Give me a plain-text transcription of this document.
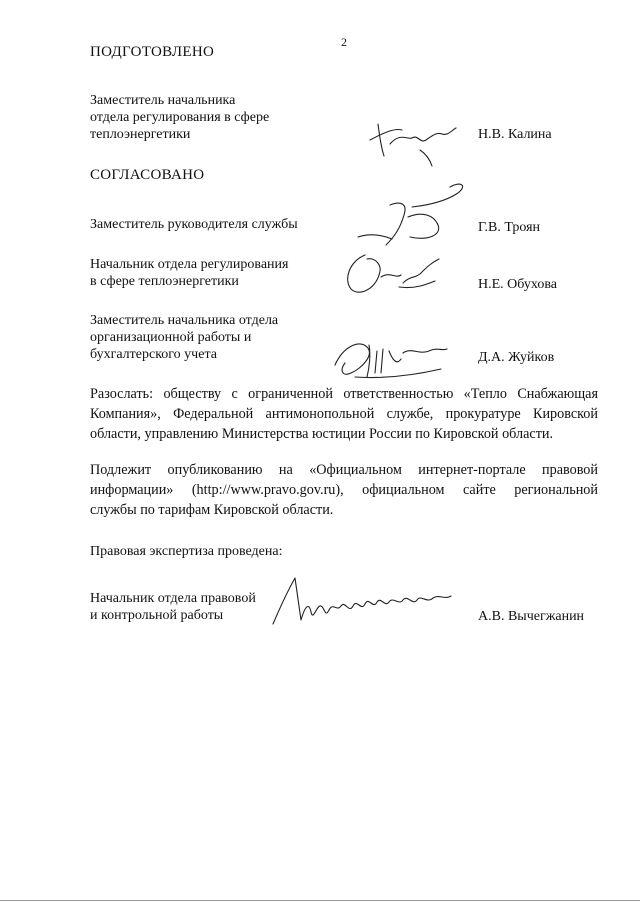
2
ПОДГОТОВЛЕНО
Заместитель начальника
отдела регулирования в сфере
теплоэнергетики	Н.В. Калина
СОГЛАСОВАНО
Заместитель руководителя службы	Г.В. Троян
Начальник отдела регулирования
в сфере теплоэнергетики	Н.Е. Обухова
Заместитель начальника отдела
организационной работы и
бухгалтерского учета	Д.А. Жуйков
Разослать: обществу с ограниченной ответственностью «Тепло Снабжающая
Компания», Федеральной антимонопольной службе, прокуратуре Кировской
области, управлению Министерства юстиции России по Кировской области.
Подлежит опубликованию на «Официальном интернет-портале правовой
информации» (http://www.pravo.gov.ru), официальном сайте региональной
службы по тарифам Кировской области.
Правовая экспертиза проведена:
Начальник отдела правовой
и контрольной работы	А.В. Вычегжанин
